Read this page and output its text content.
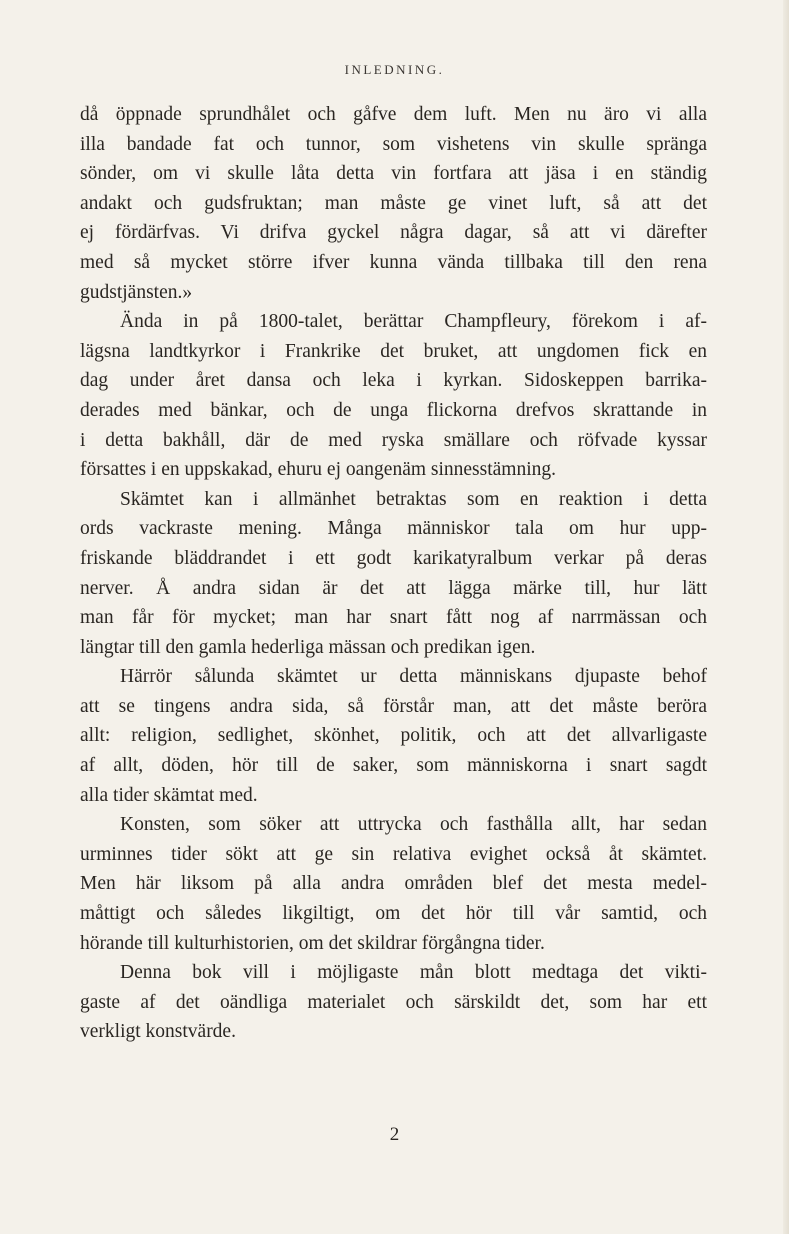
INLEDNING.
då öppnade sprundhålet och gåfve dem luft. Men nu äro vi alla
illa bandade fat och tunnor, som vishetens vin skulle spränga
sönder, om vi skulle låta detta vin fortfara att jäsa i en ständig
andakt och gudsfruktan; man måste ge vinet luft, så att det
ej fördärfvas. Vi drifva gyckel några dagar, så att vi därefter
med så mycket större ifver kunna vända tillbaka till den rena
gudstjänsten.»
Ända in på 1800-talet, berättar Champfleury, förekom i af-
lägsna landtkyrkor i Frankrike det bruket, att ungdomen fick en
dag under året dansa och leka i kyrkan. Sidoskeppen barrika-
derades med bänkar, och de unga flickorna drefvos skrattande in
i detta bakhåll, där de med ryska smällare och röfvade kyssar
försattes i en uppskakad, ehuru ej oangenäm sinnesstämning.
Skämtet kan i allmänhet betraktas som en reaktion i detta
ords vackraste mening. Många människor tala om hur upp-
friskande bläddrandet i ett godt karikatyralbum verkar på deras
nerver. Å andra sidan är det att lägga märke till, hur lätt
man får för mycket; man har snart fått nog af narrmässan och
längtar till den gamla hederliga mässan och predikan igen.
Härrör sålunda skämtet ur detta människans djupaste behof
att se tingens andra sida, så förstår man, att det måste beröra
allt: religion, sedlighet, skönhet, politik, och att det allvarligaste
af allt, döden, hör till de saker, som människorna i snart sagdt
alla tider skämtat med.
Konsten, som söker att uttrycka och fasthålla allt, har sedan
urminnes tider sökt att ge sin relativa evighet också åt skämtet.
Men här liksom på alla andra områden blef det mesta medel-
måttigt och således likgiltigt, om det hör till vår samtid, och
hörande till kulturhistorien, om det skildrar förgångna tider.
Denna bok vill i möjligaste mån blott medtaga det vikti-
gaste af det oändliga materialet och särskildt det, som har ett
verkligt konstvärde.
2
